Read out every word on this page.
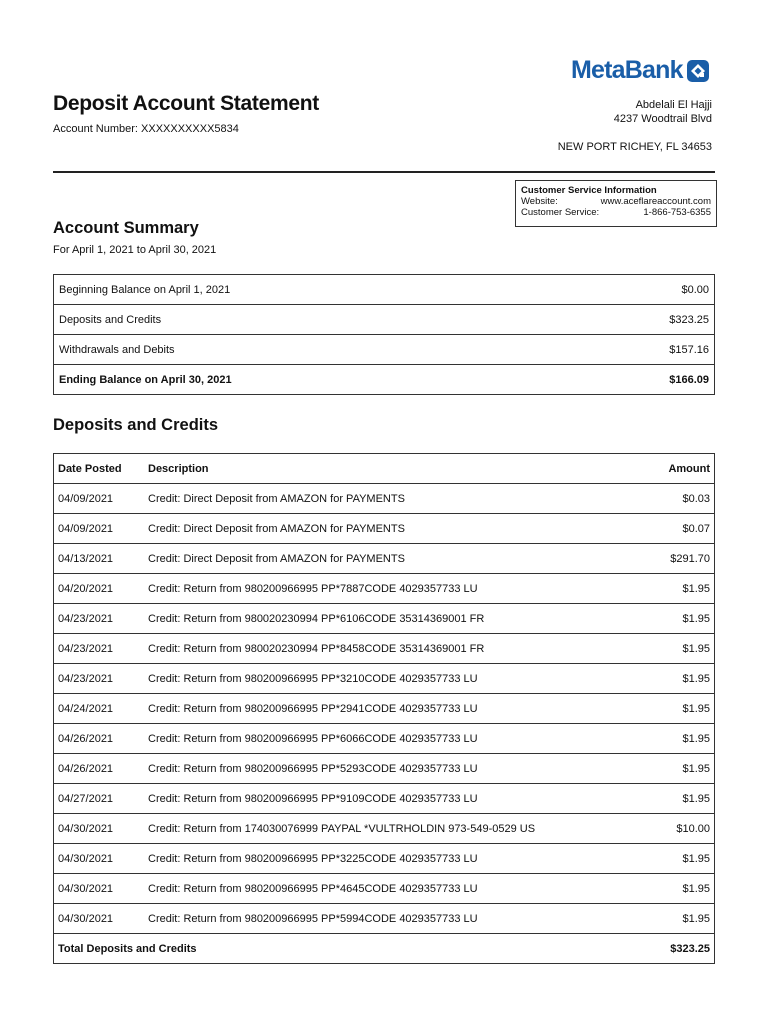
Meta Bank
Deposit Account Statement
Account Number: XXXXXXXXXX5834
Abdelali El Hajji
4237 Woodtrail Blvd
NEW PORT RICHEY, FL 34653
Customer Service Information
Website:	www.aceflareaccount.com
Customer Service:	1-866-753-6355
Account Summary
For April 1, 2021 to April 30, 2021
Beginning Balance on April 1, 2021	$0.00
Deposits and Credits	$323.25
Withdrawals and Debits	$157.16
Ending Balance on April 30, 2021	$166.09
Deposits and Credits
Date Posted	Description	Amount
04/09/2021	Credit: Direct Deposit from AMAZON for PAYMENTS	$0.03
04/09/2021	Credit: Direct Deposit from AMAZON for PAYMENTS	$0.07
04/13/2021	Credit: Direct Deposit from AMAZON for PAYMENTS	$291.70
04/20/2021	Credit: Return from 980200966995 PP*7887CODE 4029357733 LU	$1.95
04/23/2021	Credit: Return from 980020230994 PP*6106CODE 35314369001 FR	$1.95
04/23/2021	Credit: Return from 980020230994 PP*8458CODE 35314369001 FR	$1.95
04/23/2021	Credit: Return from 980200966995 PP*3210CODE 4029357733 LU	$1.95
04/24/2021	Credit: Return from 980200966995 PP*2941CODE 4029357733 LU	$1.95
04/26/2021	Credit: Return from 980200966995 PP*6066CODE 4029357733 LU	$1.95
04/26/2021	Credit: Return from 980200966995 PP*5293CODE 4029357733 LU	$1.95
04/27/2021	Credit: Return from 980200966995 PP*9109CODE 4029357733 LU	$1.95
04/30/2021	Credit: Return from 174030076999 PAYPAL *VULTRHOLDIN 973-549-0529 US	$10.00
04/30/2021	Credit: Return from 980200966995 PP*3225CODE 4029357733 LU	$1.95
04/30/2021	Credit: Return from 980200966995 PP*4645CODE 4029357733 LU	$1.95
04/30/2021	Credit: Return from 980200966995 PP*5994CODE 4029357733 LU	$1.95
Total Deposits and Credits		$323.25
